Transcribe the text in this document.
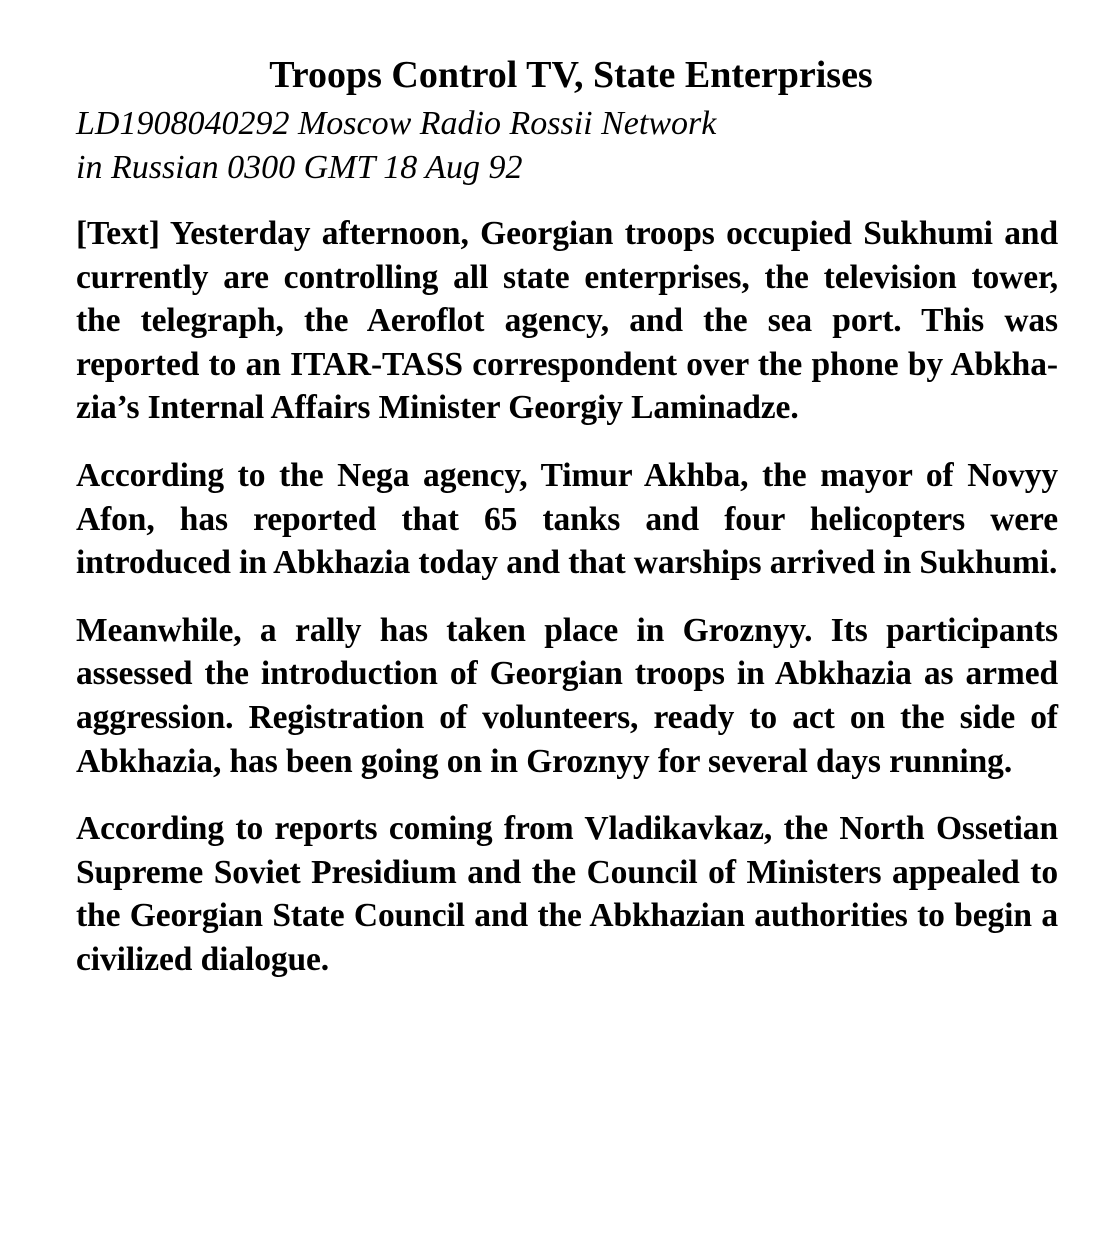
Troops Control TV, State Enterprises

LD1908040292 Moscow Radio Rossii Network
in Russian 0300 GMT 18 Aug 92

[Text] Yesterday afternoon, Georgian troops occupied Sukhumi and currently are controlling all state enterprises, the television tower, the telegraph, the Aeroflot agency, and the sea port. This was reported to an ITAR-TASS correspondent over the phone by Abkhazia’s Internal Affairs Minister Georgiy Laminadze.

According to the Nega agency, Timur Akhba, the mayor of Novyy Afon, has reported that 65 tanks and four helicopters were introduced in Abkhazia today and that warships arrived in Sukhumi.

Meanwhile, a rally has taken place in Groznyy. Its participants assessed the introduction of Georgian troops in Abkhazia as armed aggression. Registration of volunteers, ready to act on the side of Abkhazia, has been going on in Groznyy for several days running.

According to reports coming from Vladikavkaz, the North Ossetian Supreme Soviet Presidium and the Council of Ministers appealed to the Georgian State Council and the Abkhazian authorities to begin a civilized dialogue.
